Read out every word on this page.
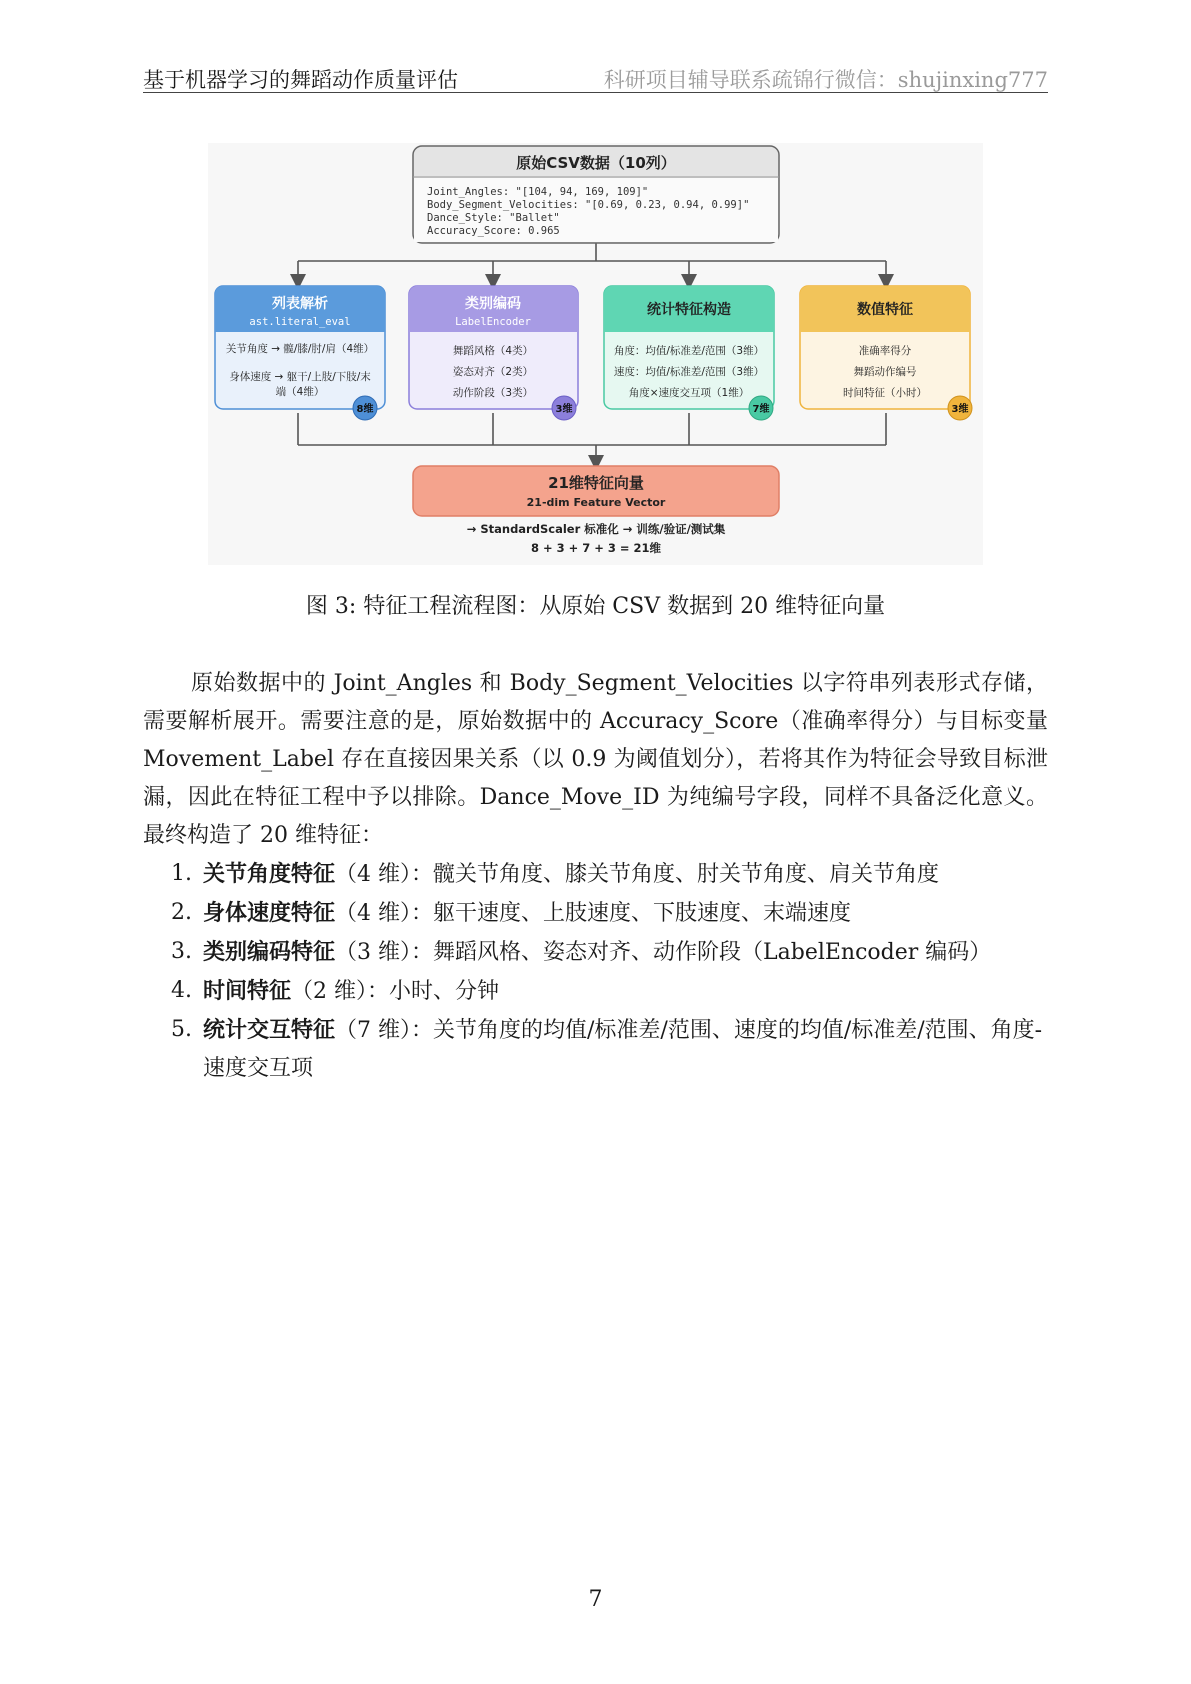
基于机器学习的舞蹈动作质量评估	科研项目辅导联系疏锦行微信：shujinxing777
原始CSV数据（10列）
Joint_Angles: "[104, 94, 169, 109]"
Body_Segment_Velocities: "[0.69, 0.23, 0.94, 0.99]"
Dance_Style: "Ballet"
Accuracy_Score: 0.965
列表解析
ast.literal_eval
关节角度 → 髋/膝/肘/肩（4维）
身体速度 → 躯干/上肢/下肢/末
端（4维）
8维
类别编码
LabelEncoder
舞蹈风格（4类）
姿态对齐（2类）
动作阶段（3类）
3维
统计特征构造
角度：均值/标准差/范围（3维）
速度：均值/标准差/范围（3维）
角度×速度交互项（1维）
7维
数值特征
准确率得分
舞蹈动作编号
时间特征（小时）
3维
21维特征向量
21-dim Feature Vector
→ StandardScaler 标准化 → 训练/验证/测试集
8 + 3 + 7 + 3 = 21维
图 3: 特征工程流程图：从原始 CSV 数据到 20 维特征向量

原始数据中的 Joint_Angles 和 Body_Segment_Velocities 以字符串列表形式存储，需要解析展开。需要注意的是，原始数据中的 Accuracy_Score（准确率得分）与目标变量 Movement_Label 存在直接因果关系（以 0.9 为阈值划分），若将其作为特征会导致目标泄漏，因此在特征工程中予以排除。Dance_Move_ID 为纯编号字段，同样不具备泛化意义。最终构造了 20 维特征：

1. 关节角度特征（4 维）：髋关节角度、膝关节角度、肘关节角度、肩关节角度
2. 身体速度特征（4 维）：躯干速度、上肢速度、下肢速度、末端速度
3. 类别编码特征（3 维）：舞蹈风格、姿态对齐、动作阶段（LabelEncoder 编码）
4. 时间特征（2 维）：小时、分钟
5. 统计交互特征（7 维）：关节角度的均值/标准差/范围、速度的均值/标准差/范围、角度-速度交互项
7
